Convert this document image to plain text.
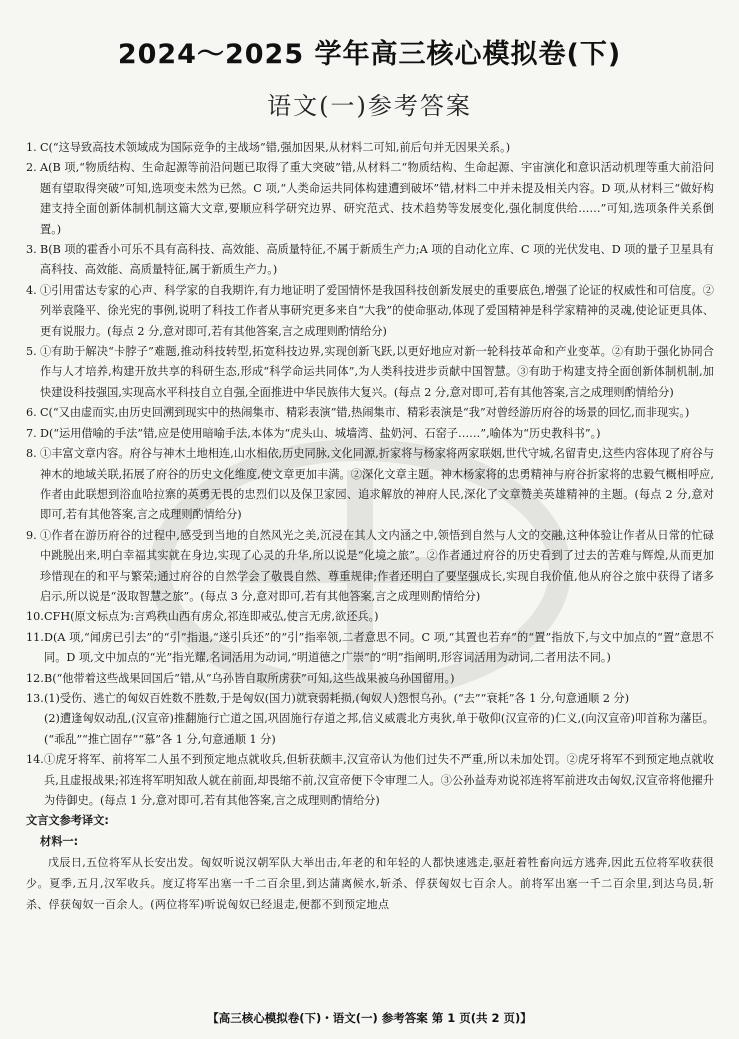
2024～2025 学年高三核心模拟卷(下)
语文(一)参考答案
1. C(“这导致高技术领域成为国际竞争的主战场”错,强加因果,从材料二可知,前后句并无因果关系。)
2. A(B 项,“物质结构、生命起源等前沿问题已取得了重大突破”错,从材料二“物质结构、生命起源、宇宙演化和意识活动机理等重大前沿问题有望取得突破”可知,选项变未然为已然。C 项,“人类命运共同体构建遭到破坏”错,材料二中并未提及相关内容。D 项,从材料三“做好构建支持全面创新体制机制这篇大文章,要顺应科学研究边界、研究范式、技术趋势等发展变化,强化制度供给……”可知,选项条件关系倒置。)
3. B(B 项的霍香小可乐不具有高科技、高效能、高质量特征,不属于新质生产力;A 项的自动化立库、C 项的光伏发电、D 项的量子卫星具有高科技、高效能、高质量特征,属于新质生产力。)
4. ①引用雷达专家的心声、科学家的自我期许,有力地证明了爱国情怀是我国科技创新发展史的重要底色,增强了论证的权威性和可信度。②列举袁隆平、徐光宪的事例,说明了科技工作者从事研究更多来自“大我”的使命驱动,体现了爱国精神是科学家精神的灵魂,使论证更具体、更有说服力。(每点 2 分,意对即可,若有其他答案,言之成理则酌情给分)
5. ①有助于解决“卡脖子”难题,推动科技转型,拓宽科技边界,实现创新飞跃,以更好地应对新一轮科技革命和产业变革。②有助于强化协同合作与人才培养,构建开放共享的科研生态,形成“科学命运共同体”,为人类科技进步贡献中国智慧。③有助于构建支持全面创新体制机制,加快建设科技强国,实现高水平科技自立自强,全面推进中华民族伟大复兴。(每点 2 分,意对即可,若有其他答案,言之成理则酌情给分)
6. C(“又由虚而实,由历史回溯到现实中的热闹集市、精彩表演”错,热闹集市、精彩表演是“我”对曾经游历府谷的场景的回忆,而非现实。)
7. D(“运用借喻的手法”错,应是使用暗喻手法,本体为“虎头山、城墙湾、盐奶河、石窑子……”,喻体为“历史教科书”。)
8. ①丰富文章内容。府谷与神木土地相连,山水相依,历史同脉,文化同源,折家将与杨家将两家联姻,世代守城,名留青史,这些内容体现了府谷与神木的地域关联,拓展了府谷的历史文化维度,使文章更加丰满。②深化文章主题。神木杨家将的忠勇精神与府谷折家将的忠毅气概相呼应,作者由此联想到浴血哈拉寨的英勇无畏的忠烈们以及保卫家园、追求解放的神府人民,深化了文章赞美英雄精神的主题。(每点 2 分,意对即可,若有其他答案,言之成理则酌情给分)
9. ①作者在游历府谷的过程中,感受到当地的自然风光之美,沉浸在其人文内涵之中,领悟到自然与人文的交融,这种体验让作者从日常的忙碌中跳脱出来,明白幸福其实就在身边,实现了心灵的升华,所以说是“化境之旅”。②作者通过府谷的历史看到了过去的苦难与辉煌,从而更加珍惜现在的和平与繁荣;通过府谷的自然学会了敬畏自然、尊重规律;作者还明白了要坚强成长,实现自我价值,他从府谷之旅中获得了诸多启示,所以说是“汲取智慧之旅”。(每点 3 分,意对即可,若有其他答案,言之成理则酌情给分)
10. CFH(原文标点为:言鸡秩山西有虏众,祁连即戒弘,使言无虏,欲还兵。)
11. D(A 项,“闻虏已引去”的“引”指退,“遂引兵还”的“引”指率领,二者意思不同。C 项,“其置也若弃”的“置”指放下,与文中加点的“置”意思不同。D 项,文中加点的“光”指光耀,名词活用为动词,“明道德之广崇”的“明”指阐明,形容词活用为动词,二者用法不同。)
12. B(“他带着这些战果回国后”错,从“乌孙皆自取所虏获”可知,这些战果被乌孙国留用。)
13. (1)受伤、逃亡的匈奴百姓数不胜数,于是匈奴(国力)就衰弱耗损,(匈奴人)怨恨乌孙。(“去”“衰耗”各 1 分,句意通顺 2 分)
(2)遭逢匈奴动乱,(汉宣帝)推翻施行亡道之国,巩固施行存道之邦,信义威震北方夷狄,单于敬仰(汉宣帝的)仁义,(向汉宣帝)叩首称为藩臣。(“乖乱”“推亡固存”“慕”各 1 分,句意通顺 1 分)
14. ①虎牙将军、前将军二人虽不到预定地点就收兵,但斩获颇丰,汉宣帝认为他们过失不严重,所以未加处罚。②虎牙将军不到预定地点就收兵,且虚报战果;祁连将军明知敌人就在前面,却畏缩不前,汉宣帝便下令审理二人。③公孙益寿劝说祁连将军前进攻击匈奴,汉宣帝将他擢升为侍御史。(每点 1 分,意对即可,若有其他答案,言之成理则酌情给分)
文言文参考译文:
材料一:
戊辰日,五位将军从长安出发。匈奴听说汉朝军队大举出击,年老的和年轻的人都快速逃走,驱赶着牲畜向远方逃奔,因此五位将军收获很少。夏季,五月,汉军收兵。度辽将军出塞一千二百余里,到达蒲离候水,斩杀、俘获匈奴七百余人。前将军出塞一千二百余里,到达乌员,斩杀、俘获匈奴一百余人。(两位将军)听说匈奴已经退走,便都不到预定地点
【高三核心模拟卷(下)・语文(一) 参考答案 第 1 页(共 2 页)】
